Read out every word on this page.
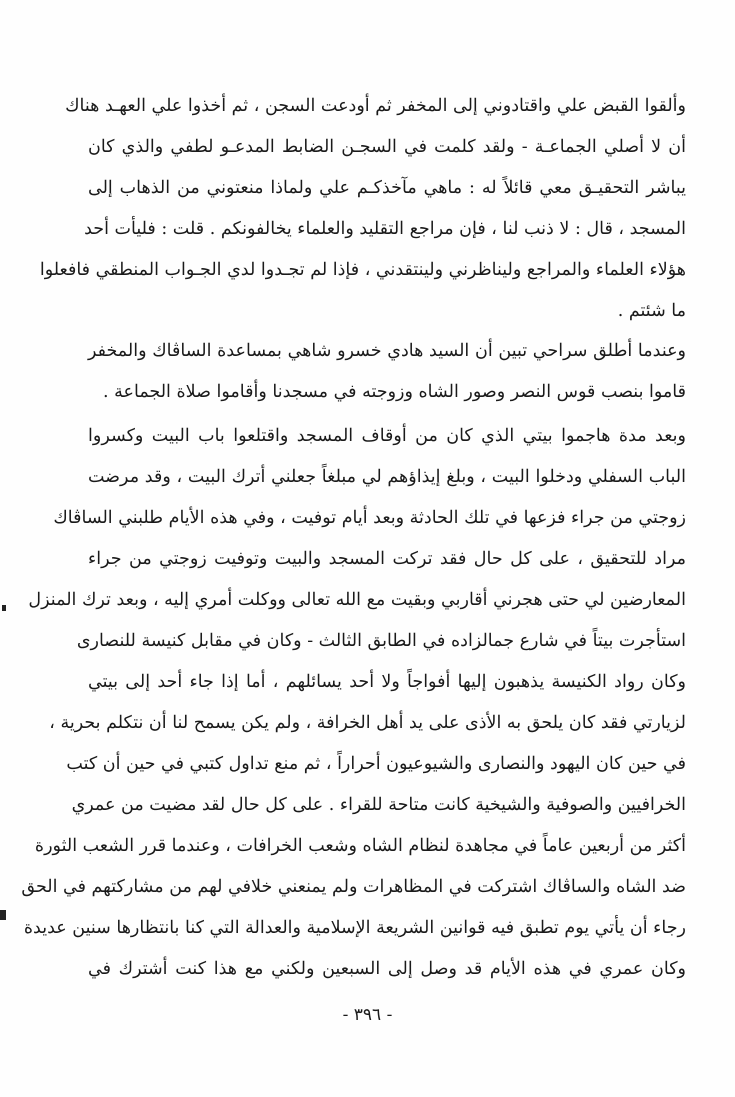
وألقوا القبض علي واقتادوني إلى المخفر ثم أودعت السجن ، ثم أخذوا علي العهـد هناك
أن لا أصلي الجماعـة - ولقد كلمت في السجـن الضابط المدعـو لطفي والذي كان
يباشر التحقيـق معي قائلاً له : ماهي مآخذكـم علي ولماذا منعتوني من الذهاب إلى
المسجد ، قال : لا ذنب لنا ، فإن مراجع التقليد والعلماء يخالفونكم . قلت : فليأت أحد
هؤلاء العلماء والمراجع وليناظرني ولينتقدني ، فإذا لم تجـدوا لدي الجـواب المنطقي فافعلوا
ما شئتم .
وعندما أطلق سراحي تبين أن السيد هادي خسرو شاهي بمساعدة الساڤاك والمخفر
قاموا بنصب قوس النصر وصور الشاه وزوجته في مسجدنا وأقاموا صلاة الجماعة .
وبعد مدة هاجموا بيتي الذي كان من أوقاف المسجد واقتلعوا باب البيت وكسروا
الباب السفلي ودخلوا البيت ، وبلغ إيذاؤهم لي مبلغاً جعلني أترك البيت ، وقد مرضت
زوجتي من جراء فزعها في تلك الحادثة وبعد أيام توفيت ، وفي هذه الأيام طلبني الساڤاك
مراد للتحقيق ، على كل حال فقد تركت المسجد والبيت وتوفيت زوجتي من جراء
المعارضين لي حتى هجرني أقاربي وبقيت مع الله تعالى ووكلت أمري إليه ، وبعد ترك المنزل
استأجرت بيتاً في شارع جمالزاده في الطابق الثالث - وكان في مقابل كنيسة للنصارى
وكان رواد الكنيسة يذهبون إليها أفواجاً ولا أحد يسائلهم ، أما إذا جاء أحد إلى بيتي
لزيارتي فقد كان يلحق به الأذى على يد أهل الخرافة ، ولم يكن يسمح لنا أن نتكلم بحرية ،
في حين كان اليهود والنصارى والشيوعيون أحراراً ، ثم منع تداول كتبي في حين أن كتب
الخرافيين والصوفية والشيخية كانت متاحة للقراء . على كل حال لقد مضيت من عمري
أكثر من أربعين عاماً في مجاهدة لنظام الشاه وشعب الخرافات ، وعندما قرر الشعب الثورة
ضد الشاه والساڤاك اشتركت في المظاهرات ولم يمنعني خلافي لهم من مشاركتهم في الحق
رجاء أن يأتي يوم تطبق فيه قوانين الشريعة الإسلامية والعدالة التي كنا بانتظارها سنين عديدة
وكان عمري في هذه الأيام قد وصل إلى السبعين ولكني مع هذا كنت أشترك في
- ٣٩٦ -
